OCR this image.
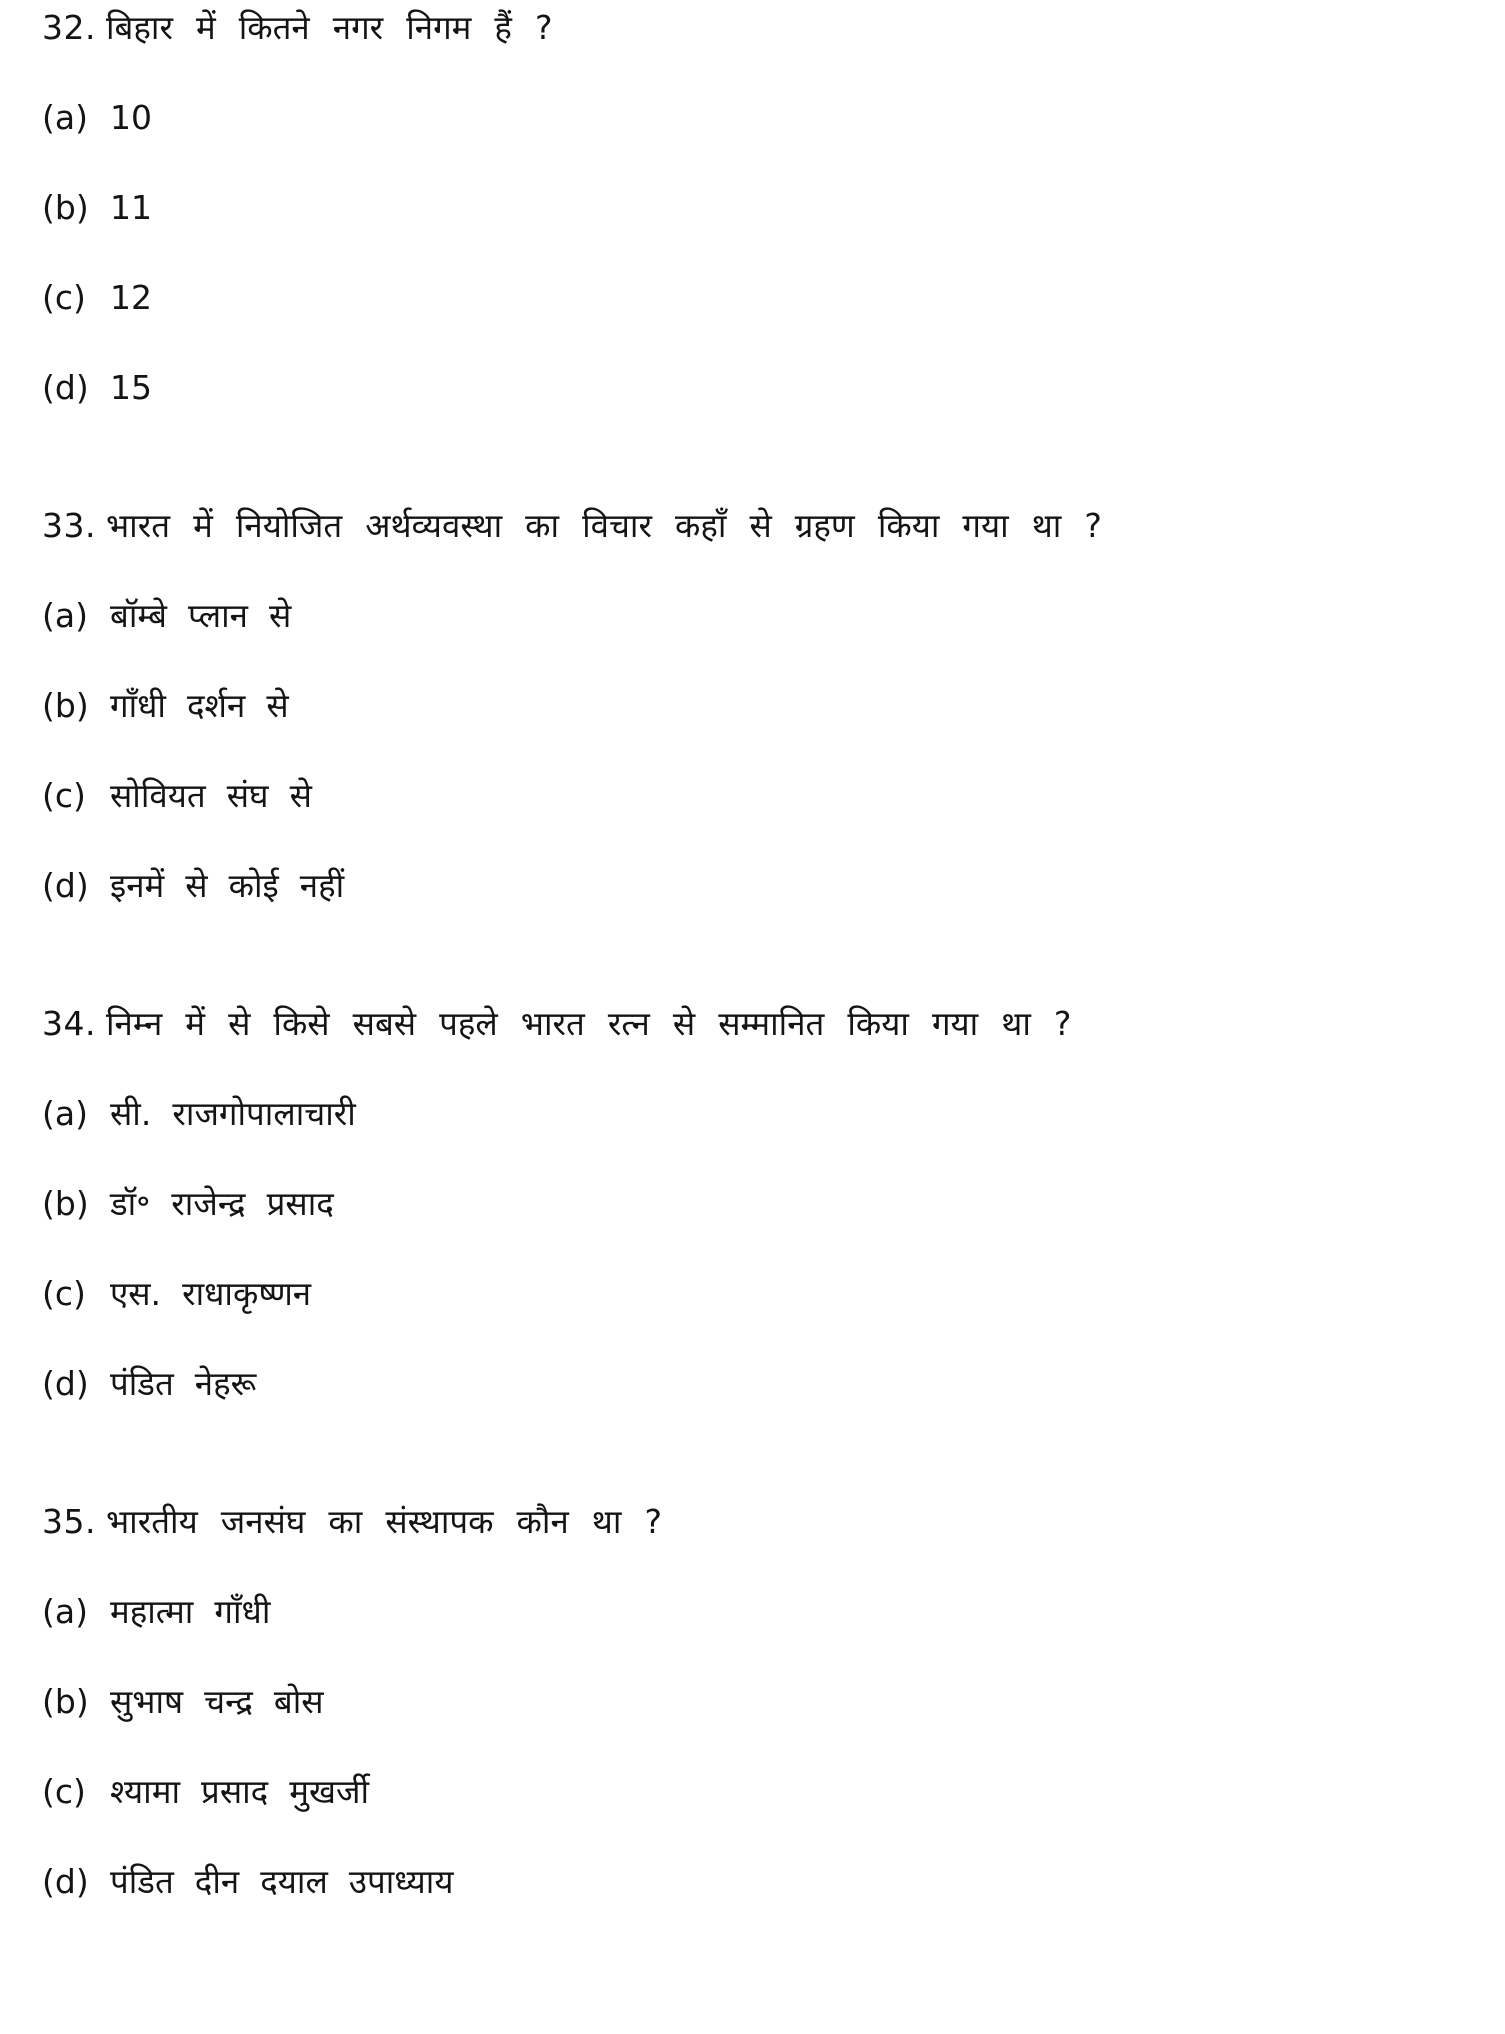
32. बिहार में कितने नगर निगम हैं ?
(a) 10
(b) 11
(c) 12
(d) 15
33. भारत में नियोजित अर्थव्यवस्था का विचार कहाँ से ग्रहण किया गया था ?
(a) बॉम्बे प्लान से
(b) गाँधी दर्शन से
(c) सोवियत संघ से
(d) इनमें से कोई नहीं
34. निम्न में से किसे सबसे पहले भारत रत्न से सम्मानित किया गया था ?
(a) सी. राजगोपालाचारी
(b) डॉ॰ राजेन्द्र प्रसाद
(c) एस. राधाकृष्णन
(d) पंडित नेहरू
35. भारतीय जनसंघ का संस्थापक कौन था ?
(a) महात्मा गाँधी
(b) सुभाष चन्द्र बोस
(c) श्यामा प्रसाद मुखर्जी
(d) पंडित दीन दयाल उपाध्याय
